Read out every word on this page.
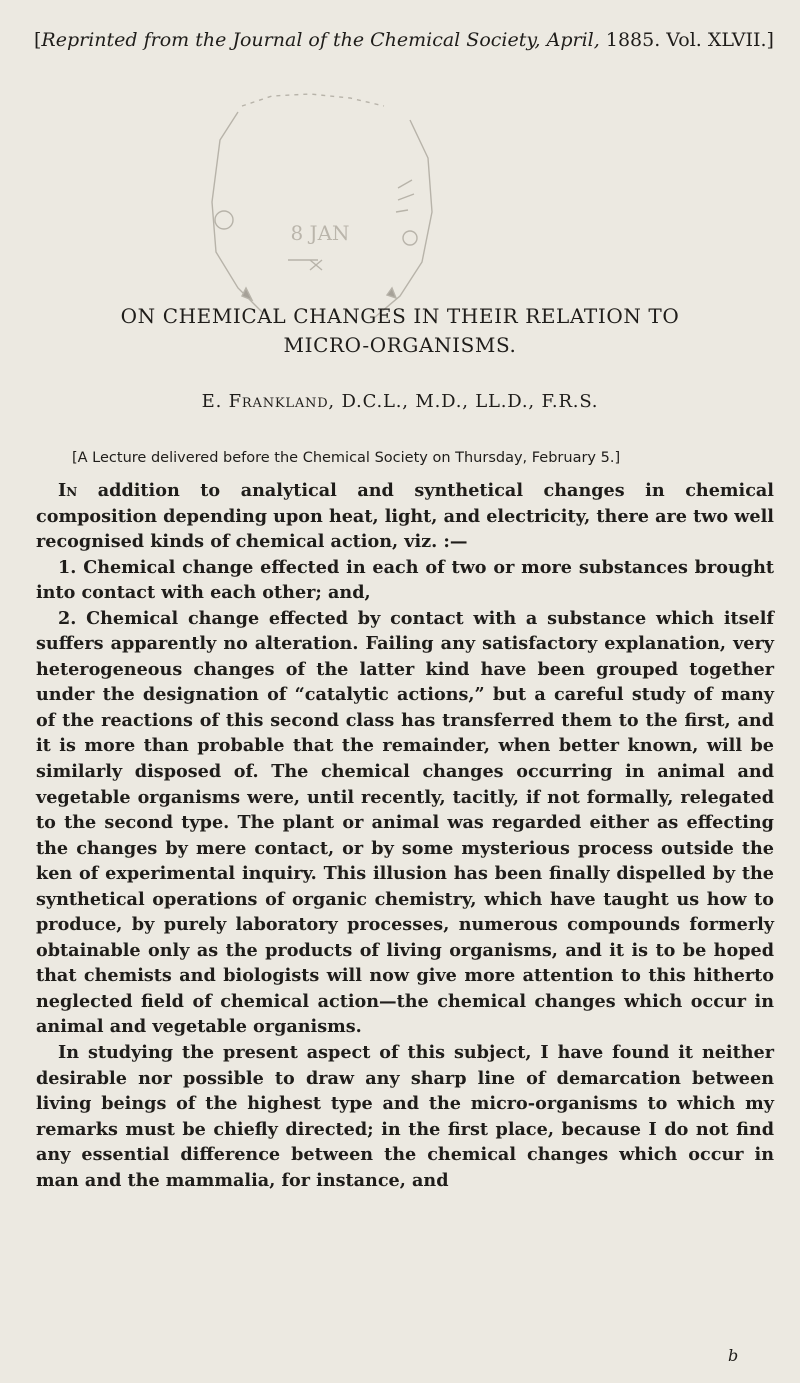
[Reprinted from the Journal of the Chemical Society, April, 1885. Vol. XLVII.]
8 JAN
ON CHEMICAL CHANGES IN THEIR RELATION TO
MICRO-ORGANISMS.
E. Frankland, D.C.L., M.D., LL.D., F.R.S.
[A Lecture delivered before the Chemical Society on Thursday, February 5.]

In addition to analytical and synthetical changes in chemical composition depending upon heat, light, and electricity, there are two well recognised kinds of chemical action, viz. :—

1. Chemical change effected in each of two or more substances brought into contact with each other; and,

2. Chemical change effected by contact with a substance which itself suffers apparently no alteration. Failing any satisfactory explanation, very heterogeneous changes of the latter kind have been grouped together under the designation of “catalytic actions,” but a careful study of many of the reactions of this second class has transferred them to the first, and it is more than probable that the remainder, when better known, will be similarly disposed of. The chemical changes occurring in animal and vegetable organisms were, until recently, tacitly, if not formally, relegated to the second type. The plant or animal was regarded either as effecting the changes by mere contact, or by some mysterious process outside the ken of experimental inquiry. This illusion has been finally dispelled by the synthetical operations of organic chemistry, which have taught us how to produce, by purely laboratory processes, numerous compounds formerly obtainable only as the products of living organisms, and it is to be hoped that chemists and biologists will now give more attention to this hitherto neglected field of chemical action—the chemical changes which occur in animal and vegetable organisms.

In studying the present aspect of this subject, I have found it neither desirable nor possible to draw any sharp line of demarcation between living beings of the highest type and the micro-organisms to which my remarks must be chiefly directed; in the first place, because I do not find any essential difference between the chemical changes which occur in man and the mammalia, for instance, and

b
